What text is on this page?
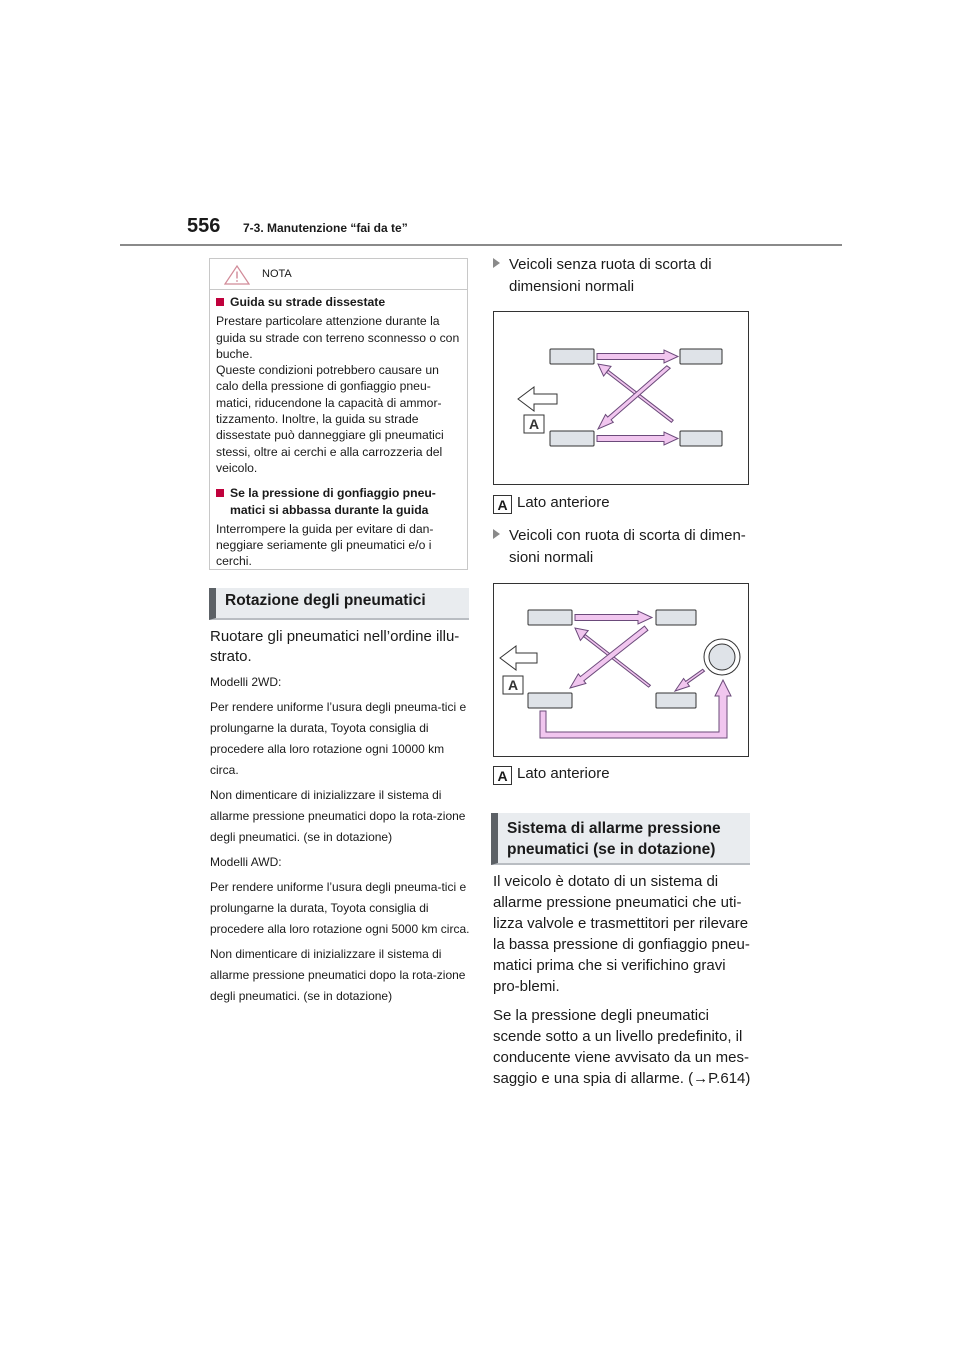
556 7-3. Manutenzione “fai da te”
NOTA
Guida su strade dissestate
Prestare particolare attenzione durante la guida su strade con terreno sconnesso o con buche.
Queste condizioni potrebbero causare un calo della pressione di gonfiaggio pneu-matici, riducendone la capacità di ammor-tizzamento. Inoltre, la guida su strade dissestate può danneggiare gli pneumatici stessi, oltre ai cerchi e alla carrozzeria del veicolo.
Se la pressione di gonfiaggio pneu-matici si abbassa durante la guida
Interrompere la guida per evitare di dan-neggiare seriamente gli pneumatici e/o i cerchi.
Rotazione degli pneumatici
Ruotare gli pneumatici nell’ordine illu-strato.

Modelli 2WD:

Per rendere uniforme l’usura degli pneuma-tici e prolungarne la durata, Toyota consiglia di procedere alla loro rotazione ogni 10000 km circa.

Non dimenticare di inizializzare il sistema di allarme pressione pneumatici dopo la rota-zione degli pneumatici. (se in dotazione)

Modelli AWD:

Per rendere uniforme l’usura degli pneuma-tici e prolungarne la durata, Toyota consiglia di procedere alla loro rotazione ogni 5000 km circa.

Non dimenticare di inizializzare il sistema di allarme pressione pneumatici dopo la rota-zione degli pneumatici. (se in dotazione)

Veicoli senza ruota di scorta di
dimensioni normali
A
A Lato anteriore
Veicoli con ruota di scorta di dimen-
sioni normali
A
A Lato anteriore
Sistema di allarme pressione
pneumatici (se in dotazione)

Il veicolo è dotato di un sistema di allarme pressione pneumatici che uti-lizza valvole e trasmettitori per rilevare la bassa pressione di gonfiaggio pneu-matici prima che si verifichino gravi pro-blemi.

Se la pressione degli pneumatici scende sotto a un livello predefinito, il conducente viene avvisato da un mes-saggio e una spia di allarme. (→P.614)
